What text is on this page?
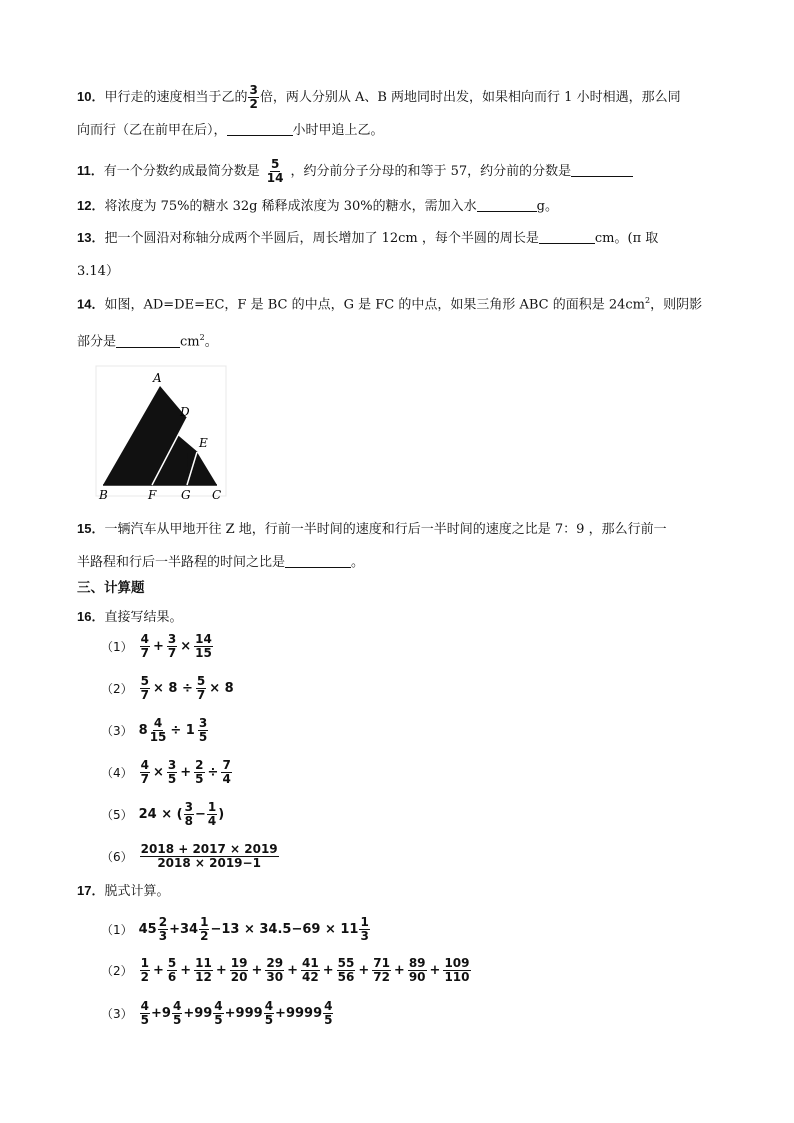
10．甲行走的速度相当于乙的 $\frac{3}{2}$ 倍，两人分别从 A、B 两地同时出发，如果相向而行 1 小时相遇，那么同
向而行（乙在前甲在后），	小时甲追上乙。
11．有一个分数约成最简分数是 $\frac{5}{14}$ ，约分前分子分母的和等于 57，约分前的分数是
12．将浓度为 75%的糖水 32g 稀释成浓度为 30%的糖水，需加入水	g。
13．把一个圆沿对称轴分成两个半圆后，周长增加了 12cm ，每个半圆的周长是	cm。(π 取
3.14）
14．如图，AD=DE=EC，F 是 BC 的中点，G 是 FC 的中点，如果三角形 ABC 的面积是 $24cm^2$，则阴影
部分是	$cm^2$。
A
D
E
B	F G C
15．一辆汽车从甲地开往 Z 地，行前一半时间的速度和行后一半时间的速度之比是 7：9 ，那么行前一
半路程和行后一半路程的时间之比是	。
三、计算题
16．直接写结果。
$(1) \frac{4}{7} + \frac{3}{7} \times \frac{14}{15}$
$(2) \frac{5}{7} \times 8 \div \frac{5}{7} \times 8$
（3） $8 \frac{4}{15} \div 1 \frac{3}{5}$
$(4) \frac{4}{7} \times \frac{3}{5} + \frac{2}{5} \div \frac{7}{4}$
（5） 24 × ( $\frac{3}{8} - \frac{1}{4}$ )
$(6) \frac{2018 + 2017 \times 2019}{2018 \times 2019-1}$
17．脱式计算。
（1） $45 \frac{2}{3} +34 \frac{1}{2} -13 \times 34.5-69 \times 11 \frac{1}{3}$
$(2) \frac{1}{2} + \frac{5}{6} + \frac{11}{12} + \frac{19}{20} + \frac{29}{30} + \frac{41}{42} + \frac{55}{56} + \frac{71}{72} + \frac{89}{90} + \frac{109}{110}$
$(3) \frac{4}{5} +9 \frac{4}{5} +99 \frac{4}{5} +999 \frac{4}{5} +9999 \frac{4}{5}$
